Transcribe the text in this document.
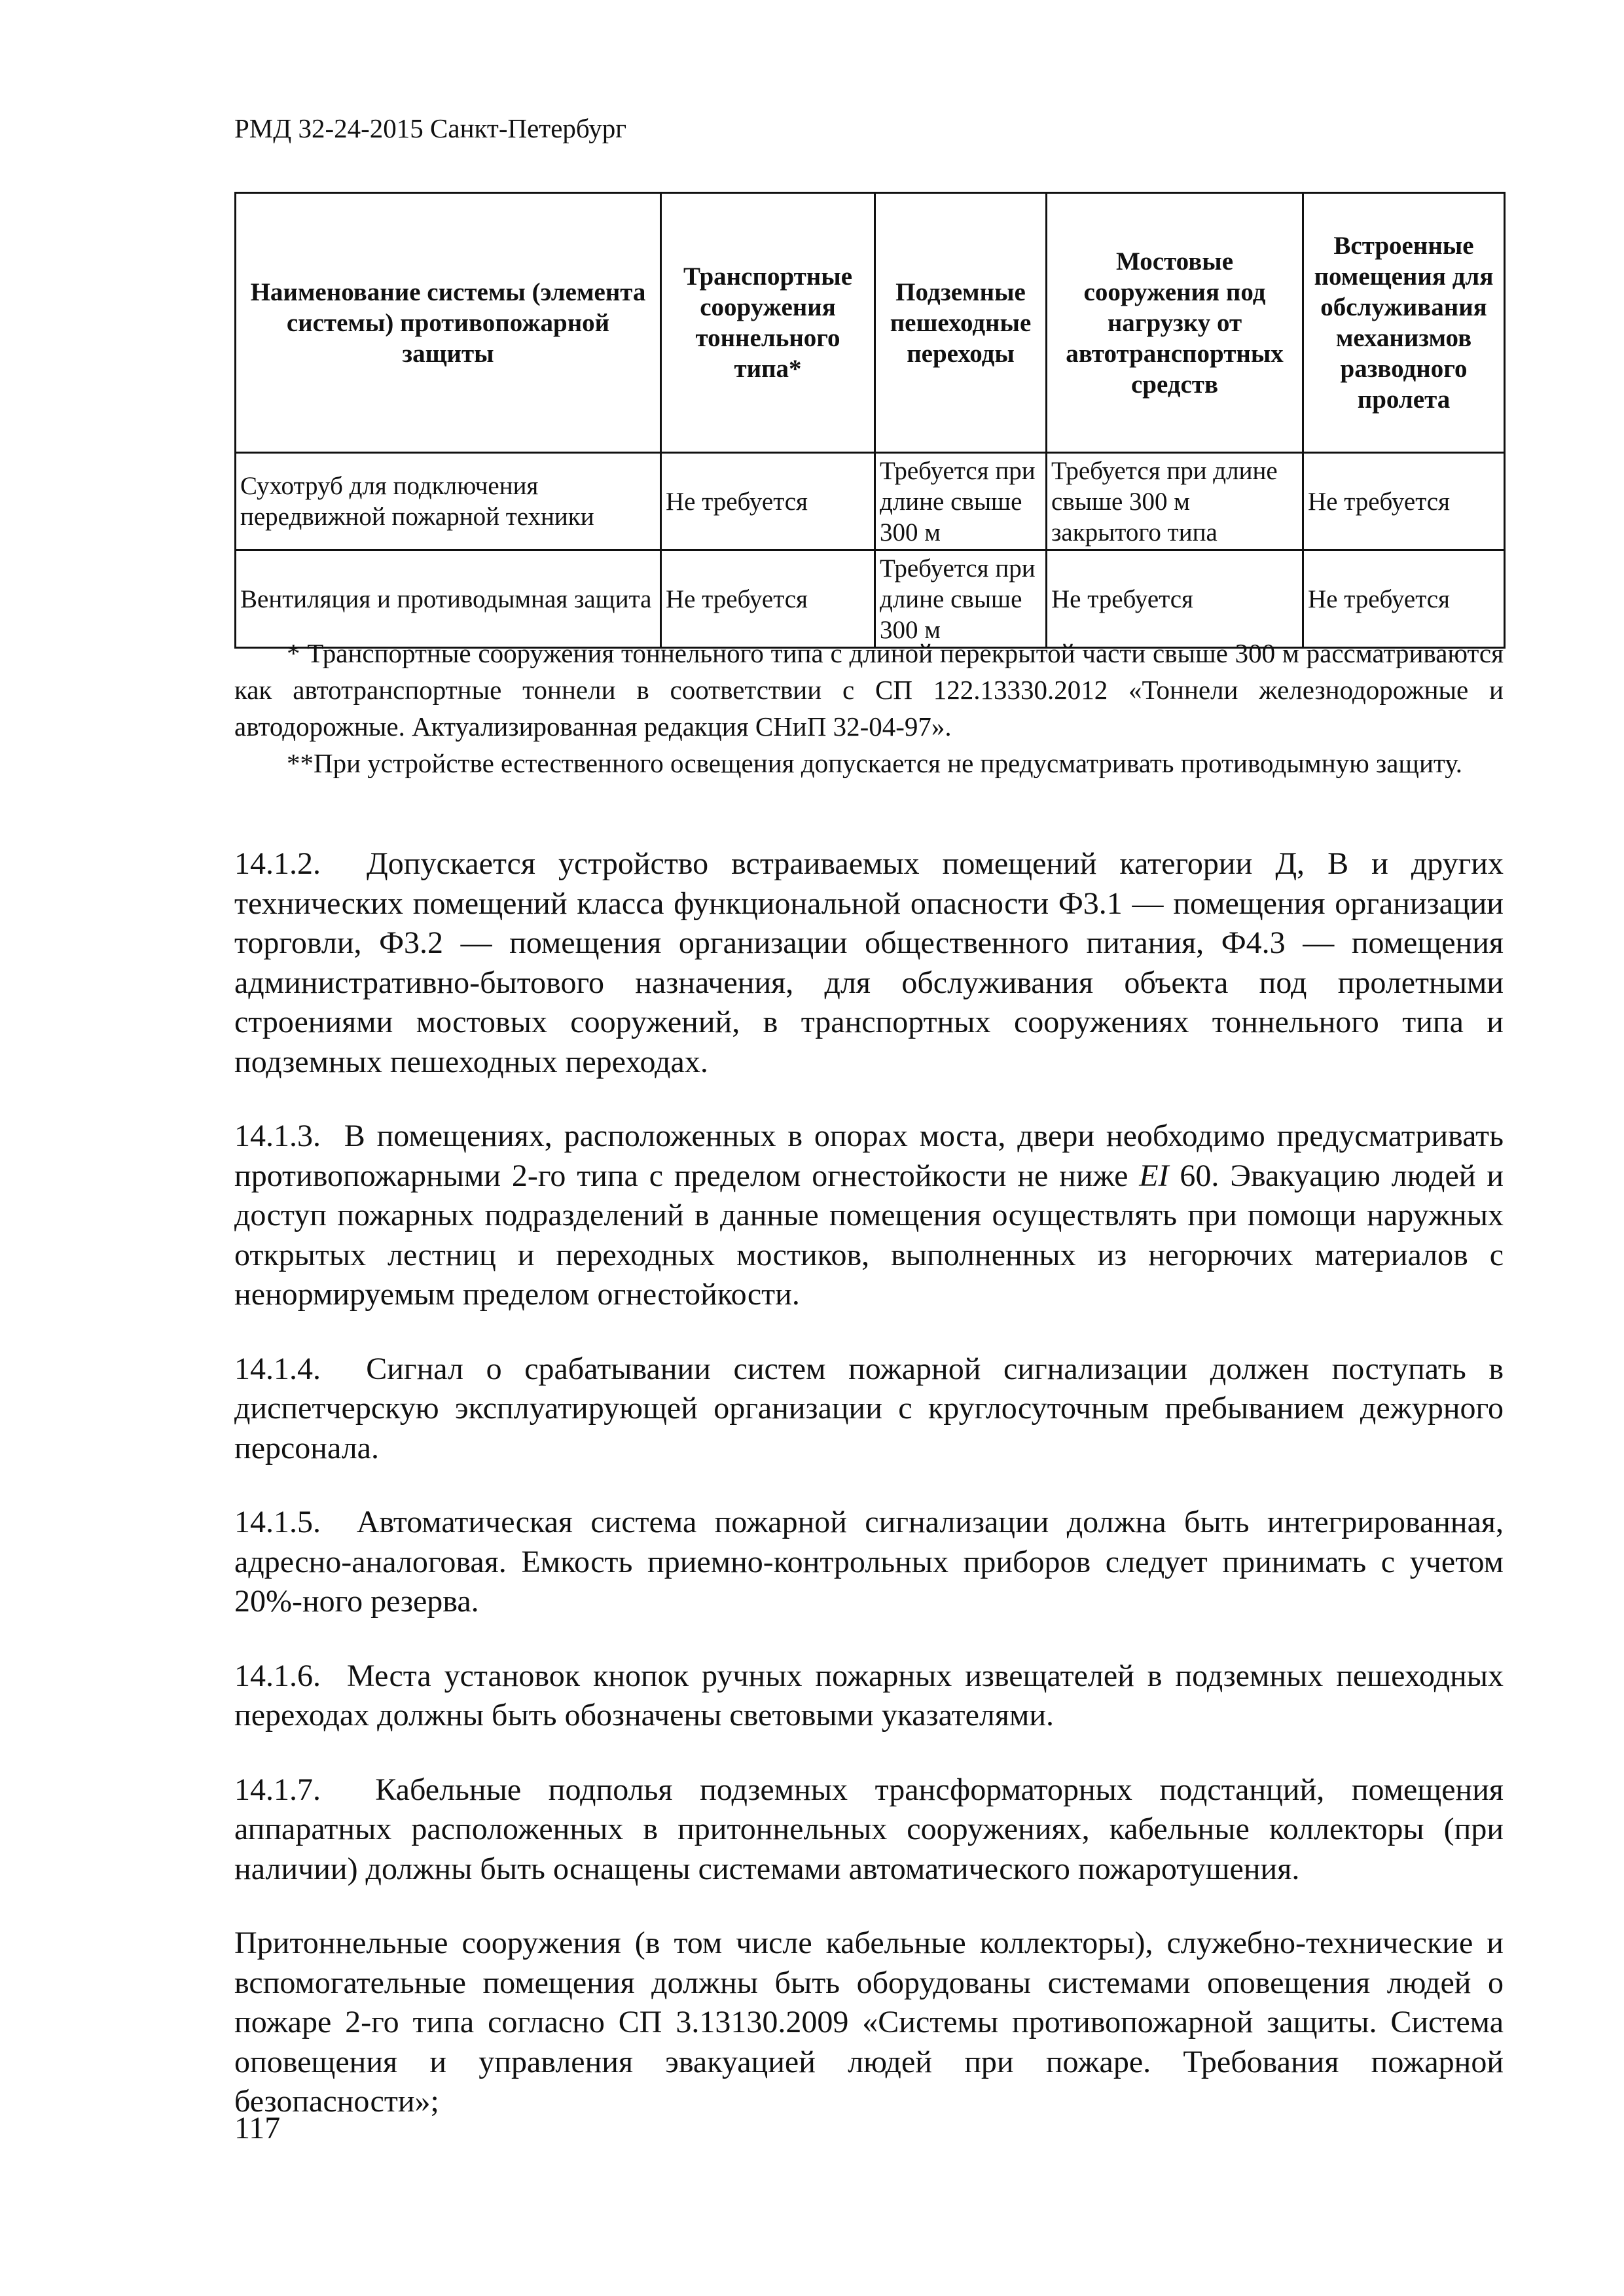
РМД 32-24-2015 Санкт-Петербург
Наименование системы (элемента системы) противопожарной защиты	Транспортные сооружения тоннельного типа*	Подземные пешеходные переходы	Мостовые сооружения под нагрузку от автотранспортных средств	Встроенные помещения для обслуживания механизмов разводного пролета
Сухотруб для подключения передвижной пожарной техники	Не требуется	Требуется при длине свыше 300 м	Требуется при длине свыше 300 м закрытого типа	Не требуется
Вентиляция и противодымная защита	Не требуется	Требуется при длине свыше 300 м	Не требуется	Не требуется

* Транспортные сооружения тоннельного типа с длиной перекрытой части свыше 300 м рассматриваются как автотранспортные тоннели в соответствии с СП 122.13330.2012 «Тоннели железнодорожные и автодорожные. Актуализированная редакция СНиП 32-04-97».

**При устройстве естественного освещения допускается не предусматривать противодымную защиту.

14.1.2. Допускается устройство встраиваемых помещений категории Д, В и других технических помещений класса функциональной опасности Ф3.1 — помещения организации торговли, Ф3.2 — помещения организации общественного питания, Ф4.3 — помещения административно-бытового назначения, для обслуживания объекта под пролетными строениями мостовых сооружений, в транспортных сооружениях тоннельного типа и подземных пешеходных переходах.

14.1.3. В помещениях, расположенных в опорах моста, двери необходимо предусматривать противопожарными 2-го типа с пределом огнестойкости не ниже EI 60. Эвакуацию людей и доступ пожарных подразделений в данные помещения осуществлять при помощи наружных открытых лестниц и переходных мостиков, выполненных из негорючих материалов с ненормируемым пределом огнестойкости.

14.1.4. Сигнал о срабатывании систем пожарной сигнализации должен поступать в диспетчерскую эксплуатирующей организации с круглосуточным пребыванием дежурного персонала.

14.1.5. Автоматическая система пожарной сигнализации должна быть интегрированная, адресно-аналоговая. Емкость приемно-контрольных приборов следует принимать с учетом 20%-ного резерва.

14.1.6. Места установок кнопок ручных пожарных извещателей в подземных пешеходных переходах должны быть обозначены световыми указателями.

14.1.7. Кабельные подполья подземных трансформаторных подстанций, помещения аппаратных расположенных в притоннельных сооружениях, кабельные коллекторы (при наличии) должны быть оснащены системами автоматического пожаротушения.

Притоннельные сооружения (в том числе кабельные коллекторы), служебно-технические и вспомогательные помещения должны быть оборудованы системами оповещения людей о пожаре 2-го типа согласно СП 3.13130.2009 «Системы противопожарной защиты. Система оповещения и управления эвакуацией людей при пожаре. Требования пожарной безопасности»;

117
